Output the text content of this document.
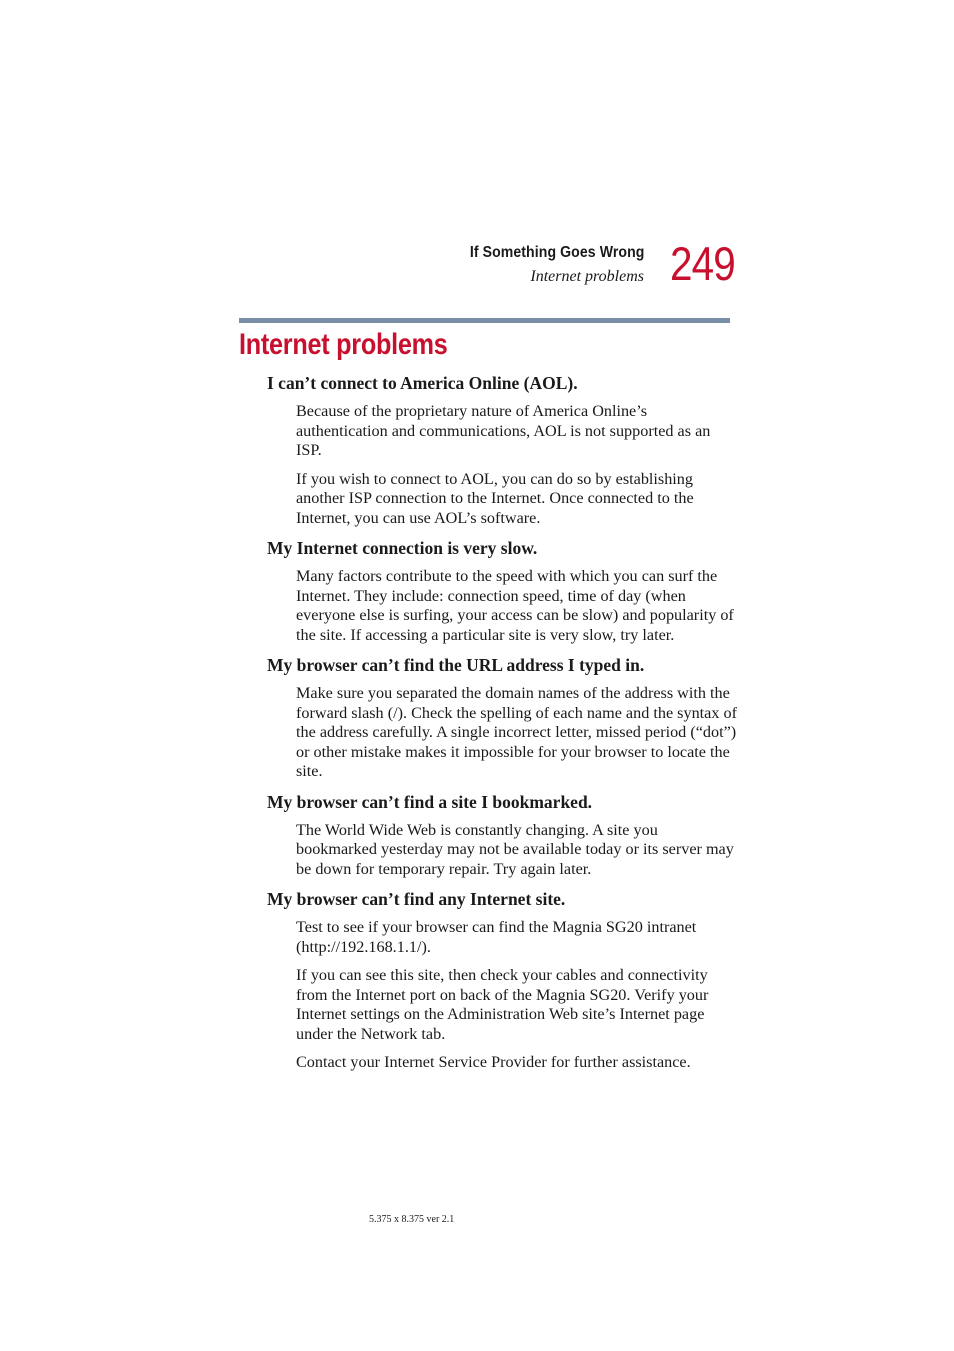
If Something Goes Wrong
Internet problems 249
Internet problems
I can’t connect to America Online (AOL).

Because of the proprietary nature of America Online’s authentication and communications, AOL is not supported as an ISP.

If you wish to connect to AOL, you can do so by establishing another ISP connection to the Internet. Once connected to the Internet, you can use AOL’s software.

My Internet connection is very slow.

Many factors contribute to the speed with which you can surf the Internet. They include: connection speed, time of day (when everyone else is surfing, your access can be slow) and popularity of the site. If accessing a particular site is very slow, try later.

My browser can’t find the URL address I typed in.

Make sure you separated the domain names of the address with the forward slash (/). Check the spelling of each name and the syntax of the address carefully. A single incorrect letter, missed period (“dot”) or other mistake makes it impossible for your browser to locate the site.

My browser can’t find a site I bookmarked.

The World Wide Web is constantly changing. A site you bookmarked yesterday may not be available today or its server may be down for temporary repair. Try again later.

My browser can’t find any Internet site.

Test to see if your browser can find the Magnia SG20 intranet (http://192.168.1.1/).

If you can see this site, then check your cables and connectivity from the Internet port on back of the Magnia SG20. Verify your Internet settings on the Administration Web site’s Internet page under the Network tab.

Contact your Internet Service Provider for further assistance.

5.375 x 8.375 ver 2.1
